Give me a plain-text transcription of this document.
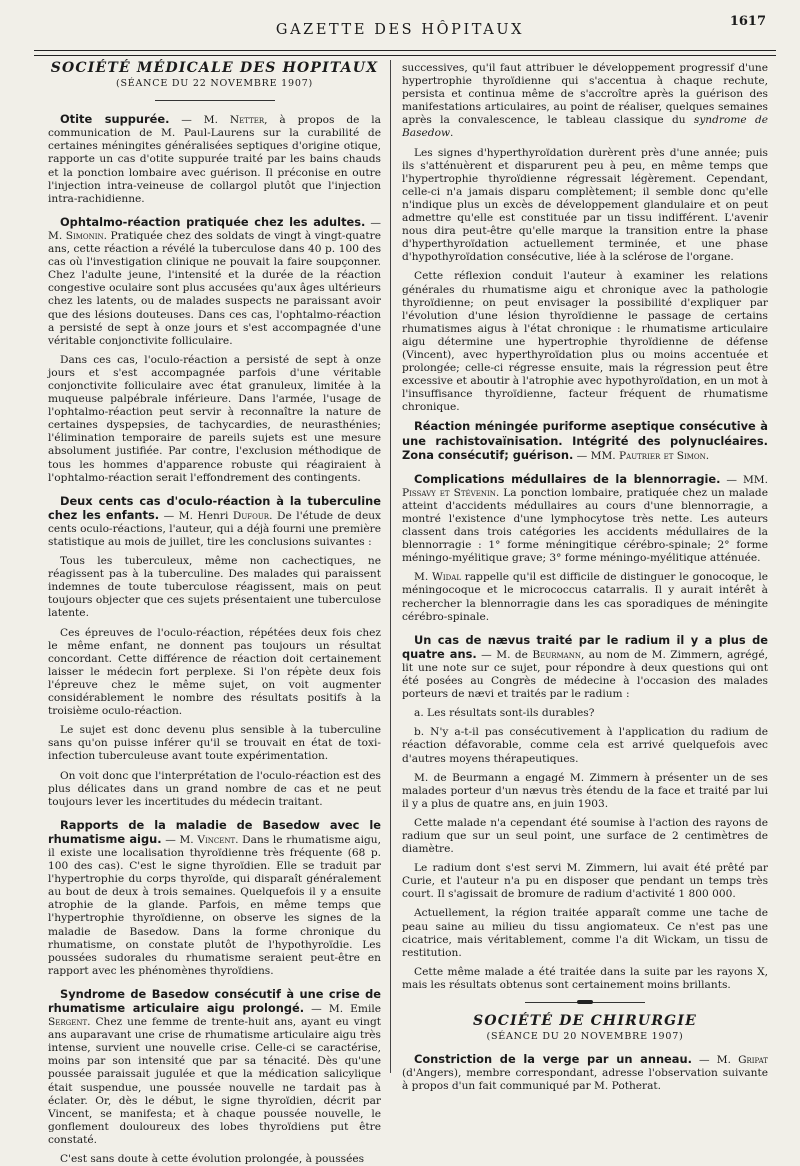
GAZETTE DES HÔPITAUX
1617
SOCIÉTÉ MÉDICALE DES HOPITAUX
(SÉANCE DU 22 NOVEMBRE 1907)

Otite suppurée. — M. Netter, à propos de la communication de M. Paul-Laurens sur la curabilité de certaines méningites généralisées septiques d'origine otique, rapporte un cas d'otite suppurée traité par les bains chauds et la ponction lombaire avec guérison. Il préconise en outre l'injection intra-veineuse de collargol plutôt que l'injection intra-rachidienne.

Ophtalmo-réaction pratiquée chez les adultes. — M. Simonin. Pratiquée chez des soldats de vingt à vingt-quatre ans, cette réaction a révélé la tuberculose dans 40 p. 100 des cas où l'investigation clinique ne pouvait la faire soupçonner. Chez l'adulte jeune, l'intensité et la durée de la réaction congestive oculaire sont plus accusées qu'aux âges ultérieurs chez les latents, ou de malades suspects ne paraissant avoir que des lésions douteuses. Dans ces cas, l'ophtalmo-réaction a persisté de sept à onze jours et s'est accompagnée d'une véritable conjonctivite folliculaire.

Dans ces cas, l'oculo-réaction a persisté de sept à onze jours et s'est accompagnée parfois d'une véritable conjonctivite folliculaire avec état granuleux, limitée à la muqueuse palpébrale inférieure. Dans l'armée, l'usage de l'ophtalmo-réaction peut servir à reconnaître la nature de certaines dyspepsies, de tachycardies, de neurasthénies; l'élimination temporaire de pareils sujets est une mesure absolument justifiée. Par contre, l'exclusion méthodique de tous les hommes d'apparence robuste qui réagiraient à l'ophtalmo-réaction serait l'effondrement des contingents.

Deux cents cas d'oculo-réaction à la tuberculine chez les enfants. — M. Henri Dufour. De l'étude de deux cents oculo-réactions, l'auteur, qui a déjà fourni une première statistique au mois de juillet, tire les conclusions suivantes :

Tous les tuberculeux, même non cachectiques, ne réagissent pas à la tuberculine. Des malades qui paraissent indemnes de toute tuberculose réagissent, mais on peut toujours objecter que ces sujets présentaient une tuberculose latente.

Ces épreuves de l'oculo-réaction, répétées deux fois chez le même enfant, ne donnent pas toujours un résultat concordant. Cette différence de réaction doit certainement laisser le médecin fort perplexe. Si l'on répète deux fois l'épreuve chez le même sujet, on voit augmenter considérablement le nombre des résultats positifs à la troisième oculo-réaction.

Le sujet est donc devenu plus sensible à la tuberculine sans qu'on puisse inférer qu'il se trouvait en état de toxi-infection tuberculeuse avant toute expérimentation.

On voit donc que l'interprétation de l'oculo-réaction est des plus délicates dans un grand nombre de cas et ne peut toujours lever les incertitudes du médecin traitant.

Rapports de la maladie de Basedow avec le rhumatisme aigu. — M. Vincent. Dans le rhumatisme aigu, il existe une localisation thyroïdienne très fréquente (68 p. 100 des cas). C'est le signe thyroïdien. Elle se traduit par l'hypertrophie du corps thyroïde, qui disparaît généralement au bout de deux à trois semaines. Quelquefois il y a ensuite atrophie de la glande. Parfois, en même temps que l'hypertrophie thyroïdienne, on observe les signes de la maladie de Basedow. Dans la forme chronique du rhumatisme, on constate plutôt de l'hypothyroïdie. Les poussées sudorales du rhumatisme seraient peut-être en rapport avec les phénomènes thyroïdiens.

Syndrome de Basedow consécutif à une crise de rhumatisme articulaire aigu prolongé. — M. Emile Sergent. Chez une femme de trente-huit ans, ayant eu vingt ans auparavant une crise de rhumatisme articulaire aigu très intense, survient une nouvelle crise. Celle-ci se caractérise, moins par son intensité que par sa ténacité. Dès qu'une poussée paraissait jugulée et que la médication salicylique était suspendue, une poussée nouvelle ne tardait pas à éclater. Or, dès le début, le signe thyroïdien, décrit par Vincent, se manifesta; et à chaque poussée nouvelle, le gonflement douloureux des lobes thyroïdiens put être constaté.

C'est sans doute à cette évolution prolongée, à poussées

successives, qu'il faut attribuer le développement progressif d'une hypertrophie thyroïdienne qui s'accentua à chaque rechute, persista et continua même de s'accroître après la guérison des manifestations articulaires, au point de réaliser, quelques semaines après la convalescence, le tableau classique du syndrome de Basedow.

Les signes d'hyperthyroïdation durèrent près d'une année; puis ils s'atténuèrent et disparurent peu à peu, en même temps que l'hypertrophie thyroïdienne régressait légèrement. Cependant, celle-ci n'a jamais disparu complètement; il semble donc qu'elle n'indique plus un excès de développement glandulaire et on peut admettre qu'elle est constituée par un tissu indifférent. L'avenir nous dira peut-être qu'elle marque la transition entre la phase d'hyperthyroïdation actuellement terminée, et une phase d'hypothyroïdation consécutive, liée à la sclérose de l'organe.

Cette réflexion conduit l'auteur à examiner les relations générales du rhumatisme aigu et chronique avec la pathologie thyroïdienne; on peut envisager la possibilité d'expliquer par l'évolution d'une lésion thyroïdienne le passage de certains rhumatismes aigus à l'état chronique : le rhumatisme articulaire aigu détermine une hypertrophie thyroïdienne de défense (Vincent), avec hyperthyroïdation plus ou moins accentuée et prolongée; celle-ci régresse ensuite, mais la régression peut être excessive et aboutir à l'atrophie avec hypothyroïdation, en un mot à l'insuffisance thyroïdienne, facteur fréquent de rhumatisme chronique.

Réaction méningée puriforme aseptique consécutive à une rachistovaïnisation. Intégrité des polynucléaires. Zona consécutif; guérison. — MM. Pautrier et Simon.

Complications médullaires de la blennorragie. — MM. Pissavy et Stévenin. La ponction lombaire, pratiquée chez un malade atteint d'accidents médullaires au cours d'une blennorragie, a montré l'existence d'une lymphocytose très nette. Les auteurs classent dans trois catégories les accidents médullaires de la blennorragie : 1° forme méningitique cérébro-spinale; 2° forme méningo-myélitique grave; 3° forme méningo-myélitique atténuée.

M. Widal rappelle qu'il est difficile de distinguer le gonocoque, le méningocoque et le micrococcus catarralis. Il y aurait intérêt à rechercher la blennorragie dans les cas sporadiques de méningite cérébro-spinale.

Un cas de nævus traité par le radium il y a plus de quatre ans. — M. de Beurmann, au nom de M. Zimmern, agrégé, lit une note sur ce sujet, pour répondre à deux questions qui ont été posées au Congrès de médecine à l'occasion des malades porteurs de nævi et traités par le radium :

a. Les résultats sont-ils durables?

b. N'y a-t-il pas consécutivement à l'application du radium de réaction défavorable, comme cela est arrivé quelquefois avec d'autres moyens thérapeutiques.

M. de Beurmann a engagé M. Zimmern à présenter un de ses malades porteur d'un nævus très étendu de la face et traité par lui il y a plus de quatre ans, en juin 1903.

Cette malade n'a cependant été soumise à l'action des rayons de radium que sur un seul point, une surface de 2 centimètres de diamètre.

Le radium dont s'est servi M. Zimmern, lui avait été prêté par Curie, et l'auteur n'a pu en disposer que pendant un temps très court. Il s'agissait de bromure de radium d'activité 1 800 000.

Actuellement, la région traitée apparaît comme une tache de peau saine au milieu du tissu angiomateux. Ce n'est pas une cicatrice, mais véritablement, comme l'a dit Wickam, un tissu de restitution.

Cette même malade a été traitée dans la suite par les rayons X, mais les résultats obtenus sont certainement moins brillants.

SOCIÉTÉ DE CHIRURGIE
(SÉANCE DU 20 NOVEMBRE 1907)

Constriction de la verge par un anneau. — M. Gripat (d'Angers), membre correspondant, adresse l'observation suivante à propos d'un fait communiqué par M. Potherat.
